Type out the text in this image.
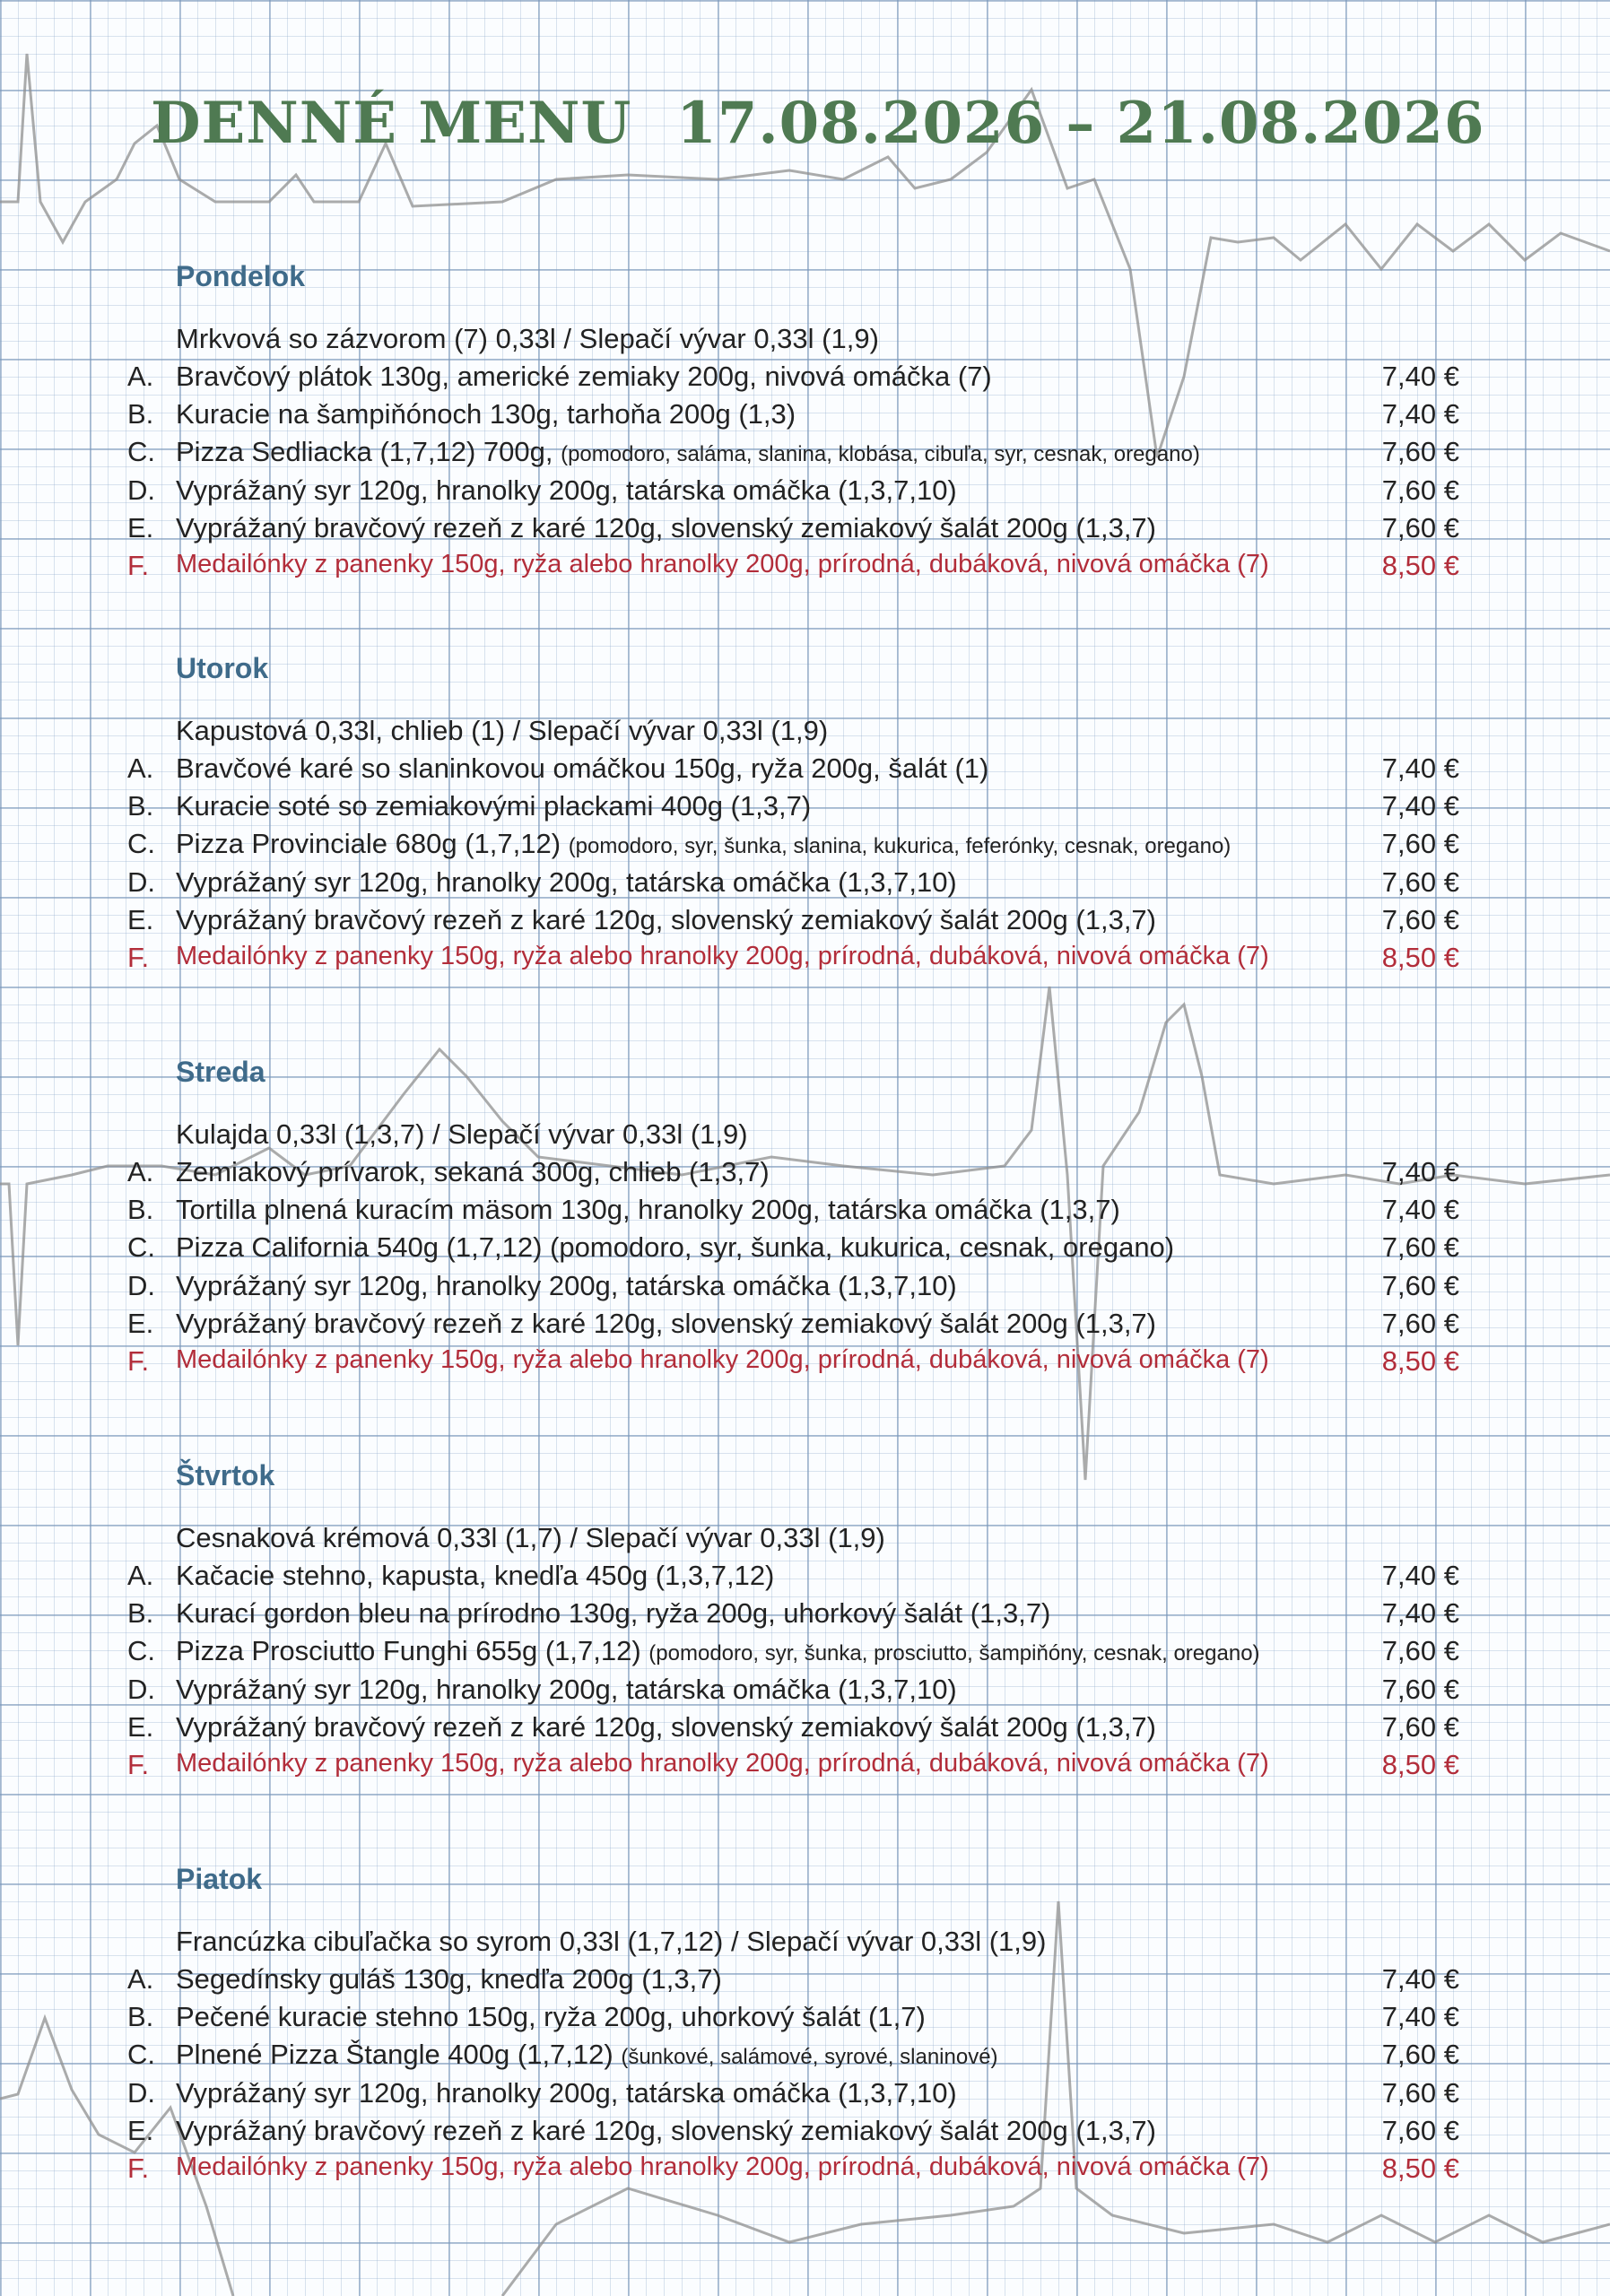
DENNÉ MENU 17.08.2026 – 21.08.2026
Pondelok
Mrkvová so zázvorom (7) 0,33l / Slepačí vývar 0,33l (1,9)
A. Bravčový plátok 130g, americké zemiaky 200g, nivová omáčka (7)	7,40 €
B. Kuracie na šampiňónoch 130g, tarhoňa 200g (1,3)	7,40 €
C. Pizza Sedliacka (1,7,12) 700g, (pomodoro, saláma, slanina, klobása, cibuľa, syr, cesnak, oregano)	7,60 €
D. Vyprážaný syr 120g, hranolky 200g, tatárska omáčka (1,3,7,10)	7,60 €
E. Vyprážaný bravčový rezeň z karé 120g, slovenský zemiakový šalát 200g (1,3,7)	7,60 €
F. Medailónky z panenky 150g, ryža alebo hranolky 200g, prírodná, dubáková, nivová omáčka (7)	8,50 €
Utorok
Kapustová 0,33l, chlieb (1) / Slepačí vývar 0,33l (1,9)
A. Bravčové karé so slaninkovou omáčkou 150g, ryža 200g, šalát (1)	7,40 €
B. Kuracie soté so zemiakovými plackami 400g (1,3,7)	7,40 €
C. Pizza Provinciale 680g (1,7,12) (pomodoro, syr, šunka, slanina, kukurica, feferónky, cesnak, oregano)	7,60 €
D. Vyprážaný syr 120g, hranolky 200g, tatárska omáčka (1,3,7,10)	7,60 €
E. Vyprážaný bravčový rezeň z karé 120g, slovenský zemiakový šalát 200g (1,3,7)	7,60 €
F. Medailónky z panenky 150g, ryža alebo hranolky 200g, prírodná, dubáková, nivová omáčka (7)	8,50 €
Streda
Kulajda 0,33l (1,3,7) / Slepačí vývar 0,33l (1,9)
A. Zemiakový prívarok, sekaná 300g, chlieb (1,3,7)	7,40 €
B. Tortilla plnená kuracím mäsom 130g, hranolky 200g, tatárska omáčka (1,3,7)	7,40 €
C. Pizza California 540g (1,7,12) (pomodoro, syr, šunka, kukurica, cesnak, oregano)	7,60 €
D. Vyprážaný syr 120g, hranolky 200g, tatárska omáčka (1,3,7,10)	7,60 €
E. Vyprážaný bravčový rezeň z karé 120g, slovenský zemiakový šalát 200g (1,3,7)	7,60 €
F. Medailónky z panenky 150g, ryža alebo hranolky 200g, prírodná, dubáková, nivová omáčka (7)	8,50 €
Štvrtok
Cesnaková krémová 0,33l (1,7) / Slepačí vývar 0,33l (1,9)
A. Kačacie stehno, kapusta, knedľa 450g (1,3,7,12)	7,40 €
B. Kurací gordon bleu na prírodno 130g, ryža 200g, uhorkový šalát (1,3,7)	7,40 €
C. Pizza Prosciutto Funghi 655g (1,7,12) (pomodoro, syr, šunka, prosciutto, šampiňóny, cesnak, oregano)	7,60 €
D. Vyprážaný syr 120g, hranolky 200g, tatárska omáčka (1,3,7,10)	7,60 €
E. Vyprážaný bravčový rezeň z karé 120g, slovenský zemiakový šalát 200g (1,3,7)	7,60 €
F. Medailónky z panenky 150g, ryža alebo hranolky 200g, prírodná, dubáková, nivová omáčka (7)	8,50 €
Piatok
Francúzka cibuľačka so syrom 0,33l (1,7,12) / Slepačí vývar 0,33l (1,9)
A. Segedínsky guláš 130g, knedľa 200g (1,3,7)	7,40 €
B. Pečené kuracie stehno 150g, ryža 200g, uhorkový šalát (1,7)	7,40 €
C. Plnené Pizza Štangle 400g (1,7,12) (šunkové, salámové, syrové, slaninové)	7,60 €
D. Vyprážaný syr 120g, hranolky 200g, tatárska omáčka (1,3,7,10)	7,60 €
E. Vyprážaný bravčový rezeň z karé 120g, slovenský zemiakový šalát 200g (1,3,7)	7,60 €
F. Medailónky z panenky 150g, ryža alebo hranolky 200g, prírodná, dubáková, nivová omáčka (7)	8,50 €
